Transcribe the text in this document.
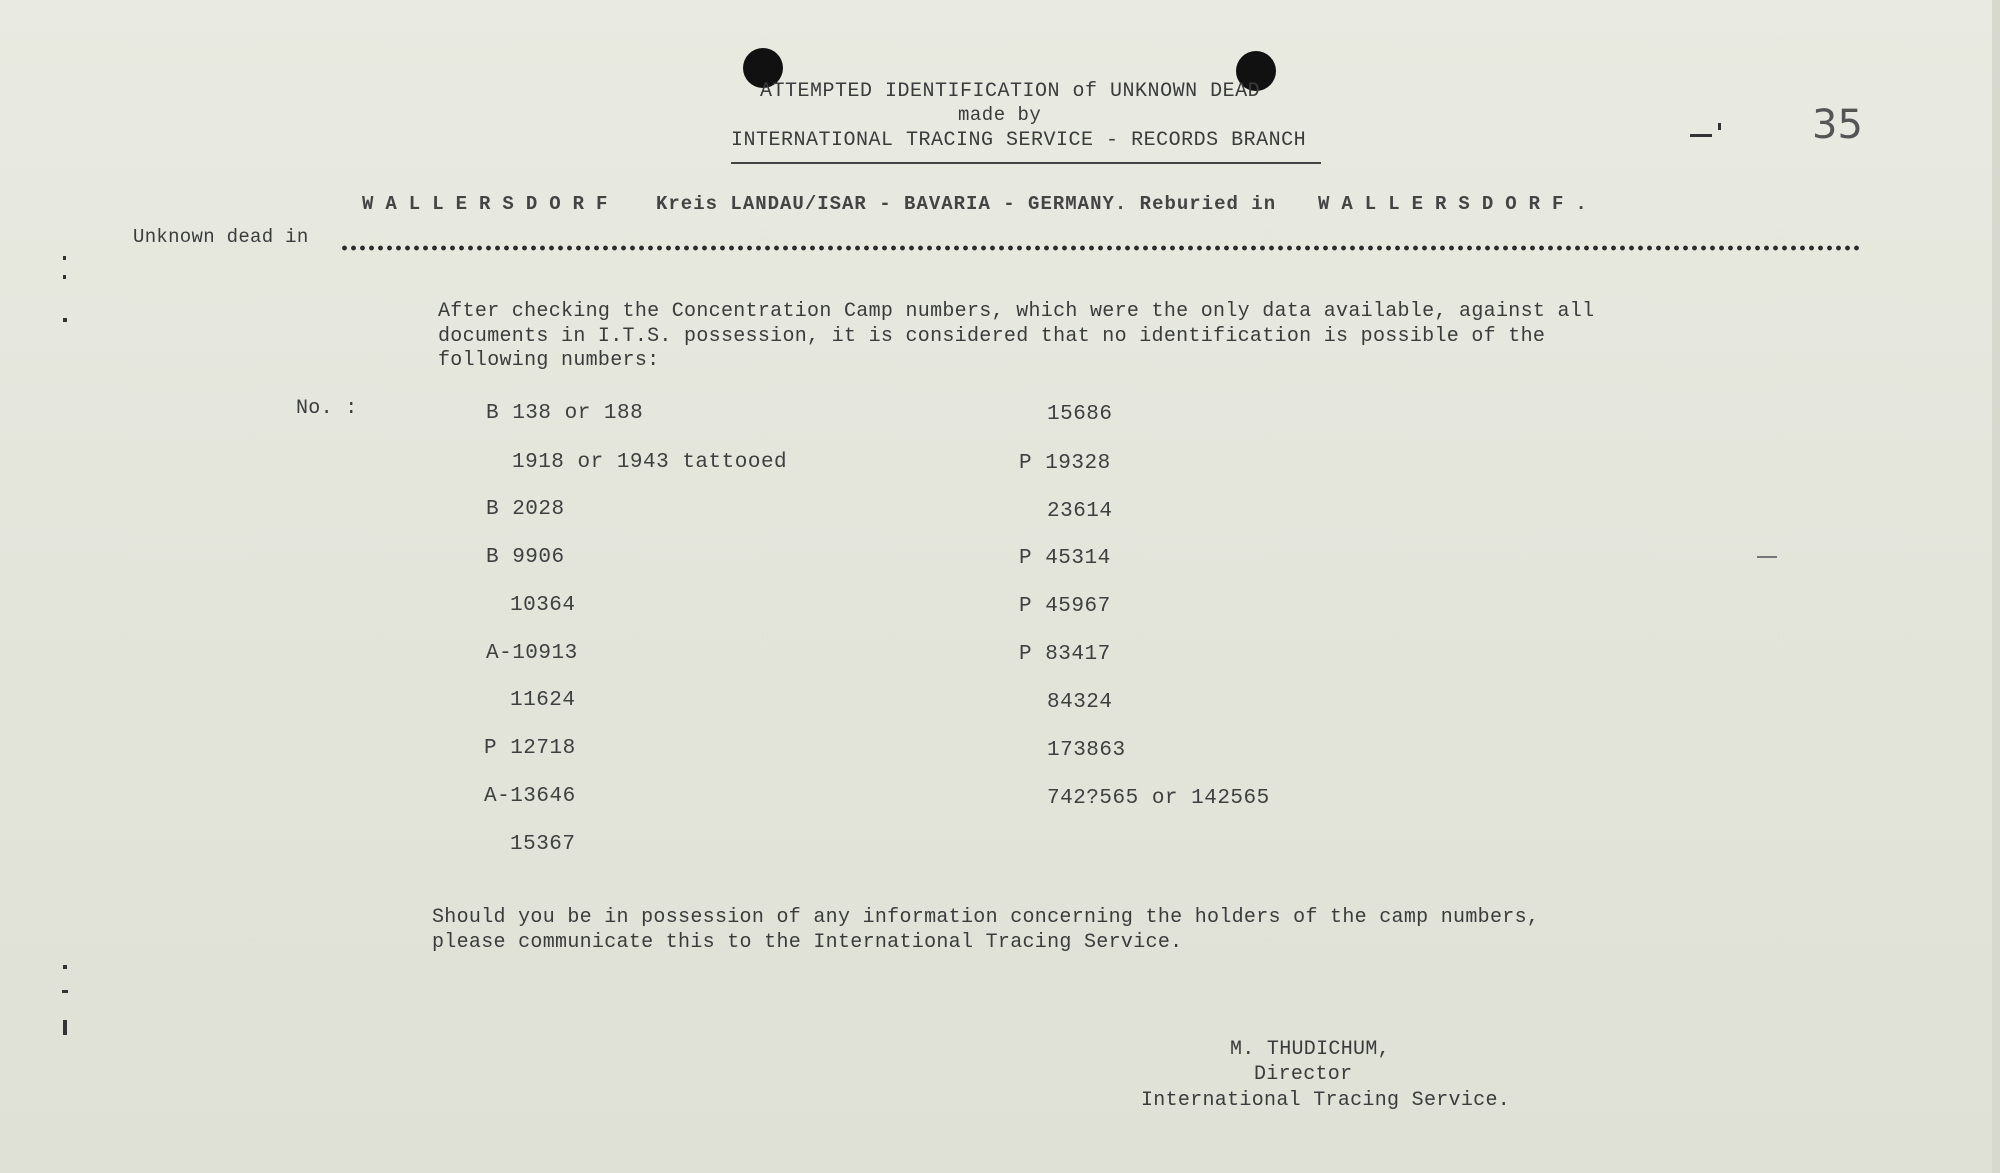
ATTEMPTED IDENTIFICATION of UNKNOWN DEAD
made by
INTERNATIONAL TRACING SERVICE - RECORDS BRANCH	35
WALLERSDORF Kreis LANDAU/ISAR - BAVARIA - GERMANY. Reburied in WALLERSDORF.
Unknown dead in
After checking the Concentration Camp numbers, which were the only data available, against all
documents in I.T.S. possession, it is considered that no identification is possible of the
following numbers:
No. :	B 138 or 188
1918 or 1943 tattooed
B 2028
B 9906
10364
A-10913
11624
P 12718
A-13646
15367
15686
P 19328
23614
P 45314
P 45967
P 83417
84324
173863
742?565 or 142565
Should you be in possession of any information concerning the holders of the camp numbers,
please communicate this to the International Tracing Service.
M. THUDICHUM,
Director
International Tracing Service.
